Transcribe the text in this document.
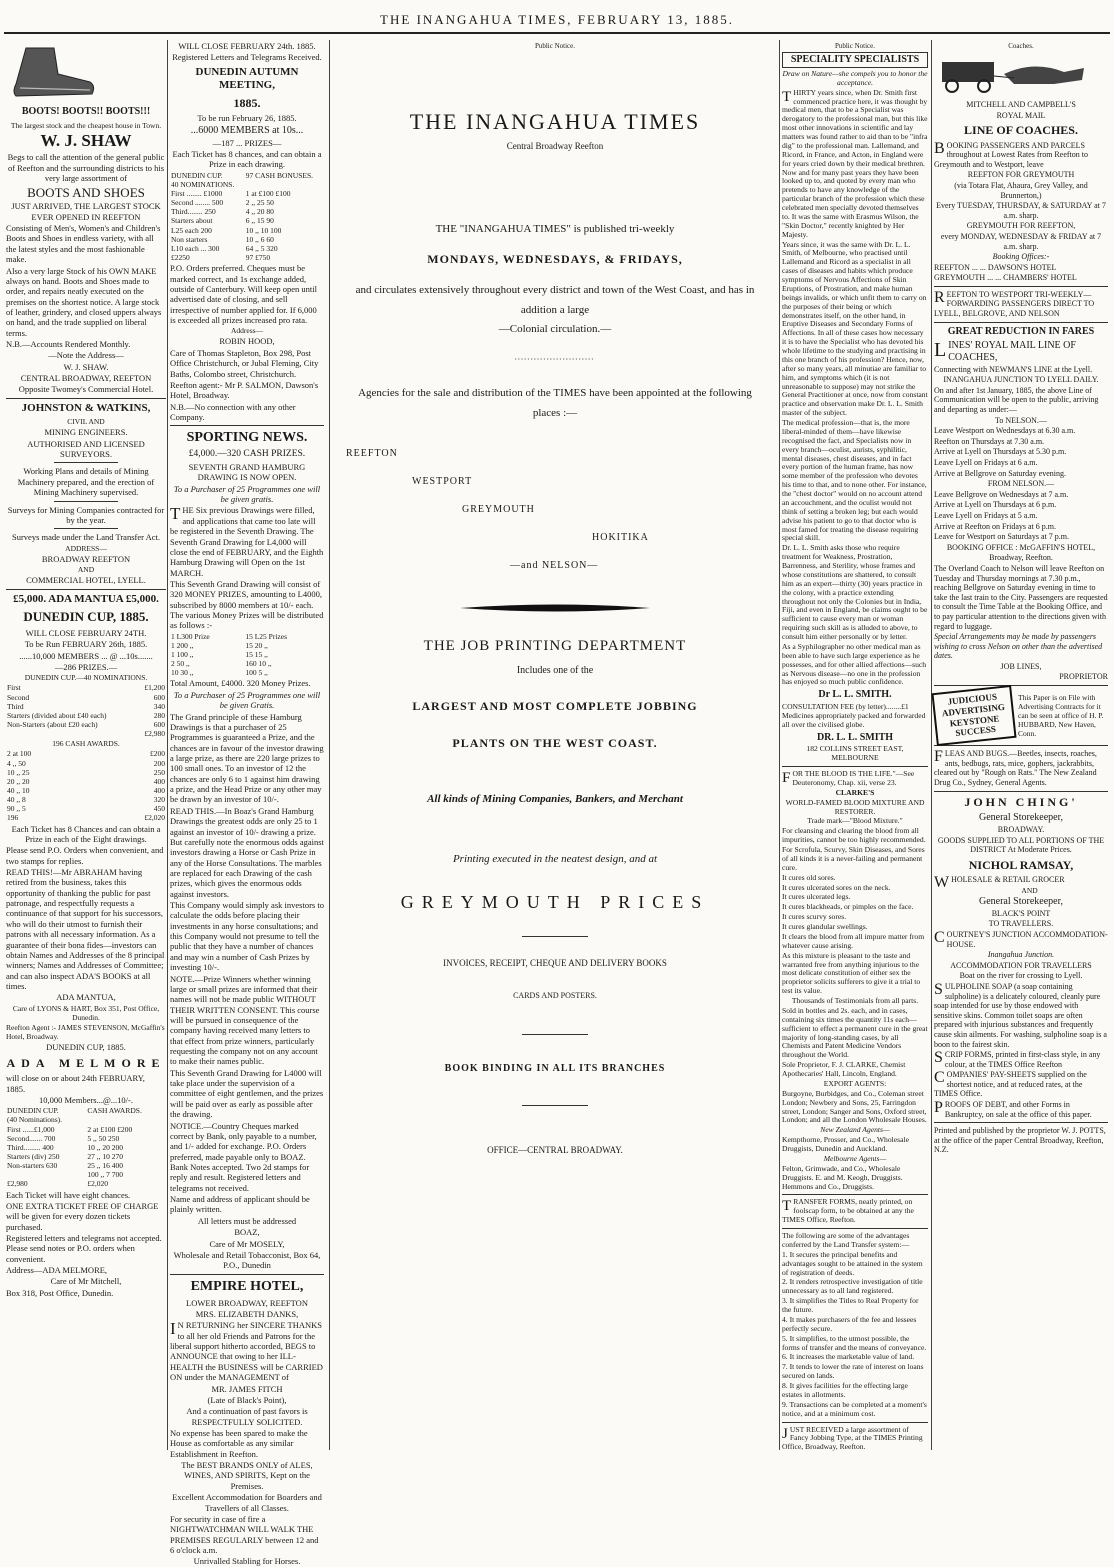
THE INANGAHUA TIMES, FEBRUARY 13, 1885.
BOOTS! BOOTS!! BOOTS!!!

The largest stock and the cheapest house in Town.

W. J. SHAW

Begs to call the attention of the general public of Reefton and the surrounding districts to his very large assortment of

BOOTS AND SHOES

JUST ARRIVED, THE LARGEST STOCK EVER OPENED IN REEFTON

Consisting of Men's, Women's and Children's Boots and Shoes in endless variety, with all the latest styles and the most fashionable make.

Also a very large Stock of his OWN MAKE always on hand. Boots and Shoes made to order, and repairs neatly executed on the premises on the shortest notice. A large stock of leather, grindery, and closed uppers always on hand, and the trade supplied on liberal terms.

N.B.—Accounts Rendered Monthly.

—Note the Address—

W. J. SHAW.

CENTRAL BROADWAY, REEFTON

Opposite Twomey's Commercial Hotel.

JOHNSTON & WATKINS,

CIVIL AND

MINING ENGINEERS.

AUTHORISED AND LICENSED SURVEYORS.

Working Plans and details of Mining Machinery prepared, and the erection of Mining Machinery supervised.

Surveys for Mining Companies contracted for by the year.

Surveys made under the Land Transfer Act.

ADDRESS—

BROADWAY REEFTON

AND

COMMERCIAL HOTEL, LYELL.

£5,000. ADA MANTUA £5,000.
DUNEDIN CUP, 1885.

WILL CLOSE FEBRUARY 24TH.

To be Run FEBRUARY 26th, 1885.

......10,000 MEMBERS ... @ ...10s.......

—286 PRIZES.—

DUNEDIN CUP.—40 NOMINATIONS.

First	£1,200
Second	600
Third	340
Starters (divided about £40 each)	280
Non-Starters (about £20 each)	600
	£2,980

196 CASH AWARDS.

2 at 100	£200
4 ,, 50	200
10 ,, 25	250
20 ,, 20	400
40 ,, 10	400
40 ,, 8	320
90 ,, 5	450
196	£2,020

Each Ticket has 8 Chances and can obtain a Prize in each of the Eight drawings.

Please send P.O. Orders when convenient, and two stamps for replies.

READ THIS!—Mr ABRAHAM having retired from the business, takes this opportunity of thanking the public for past patronage, and respectfully requests a continuance of that support for his successors, who will do their utmost to furnish their patrons with all necessary information. As a guarantee of their bona fides—investors can obtain Names and Addresses of the 8 principal winners; Names and Addresses of Committee; and can also inspect ADA'S BOOKS at all times.

ADA MANTUA,

Care of LYONS & HART, Box 351, Post Office, Dunedin.

Reefton Agent :- JAMES STEVENSON, McGaffin's Hotel, Broadway.

DUNEDIN CUP, 1885.

ADA MELMORE

will close on or about 24th FEBRUARY, 1885.

10,000 Members...@...10/-.

DUNEDIN CUP.	CASH AWARDS.
(40 Nominations).	
First ......£1,000	2 at £100 £200
Second....... 700	5 ,, 50 250
Third......... 400	10 ,, 20 200
Starters (div) 250	27 ,, 10 270
Non-starters 630	25 ,, 16 400
	100 ,, 7 700
£2,980	£2,020

Each Ticket will have eight chances.

ONE EXTRA TICKET FREE OF CHARGE will be given for every dozen tickets purchased.

Registered letters and telegrams not accepted. Please send notes or P.O. orders when convenient.

Address—ADA MELMORE,

Care of Mr Mitchell,

Box 318, Post Office, Dunedin.

WILL CLOSE FEBRUARY 24th. 1885.

Registered Letters and Telegrams Received.

DUNEDIN AUTUMN MEETING,
1885.

To be run February 26, 1885.

...6000 MEMBERS at 10s...

—187 ... PRIZES—

Each Ticket has 8 chances, and can obtain a Prize in each drawing.

DUNEDIN CUP.	97 CASH BONUSES.
40 NOMINATIONS.	
First ........ £1000	1 at £100 £100
Second ........ 500	2 ,, 25 50
Third........ 250	4 ,, 20 80
Starters about	6 ,, 15 90
L25 each 200	10 ,, 10 100
Non starters	10 ,, 6 60
L10 each ... 300	64 ,, 5 320
£2250	97 £750

P.O. Orders preferred. Cheques must be marked correct, and 1s exchange added, outside of Canterbury. Will keep open until advertised date of closing, and sell irrespective of number applied for. If 6,000 is exceeded all prizes increased pro rata.

Address—

ROBIN HOOD,

Care of Thomas Stapleton, Box 298, Post Office Christchurch, or Jubal Fleming, City Baths, Colombo street, Christchurch.

Reefton agent:- Mr P. SALMON, Dawson's Hotel, Broadway.

N.B.—No connection with any other Company.

SPORTING NEWS.

£4,000.—320 CASH PRIZES.

SEVENTH GRAND HAMBURG DRAWING IS NOW OPEN.

To a Purchaser of 25 Programmes one will be given gratis.

THE Six previous Drawings were filled, and applications that came too late will be registered in the Seventh Drawing. The Seventh Grand Drawing for L4,000 will close the end of FEBRUARY, and the Eighth Hamburg Drawing will Open on the 1st MARCH.

This Seventh Grand Drawing will consist of 320 MONEY PRIZES, amounting to L4000, subscribed by 8000 members at 10/- each. The various Money Prizes will be distributed as follows :-

1 L300 Prize	15 L25 Prizes
1 200 ,,	15 20 ,,
1 100 ,,	15 15 ,,
2 50 ,,	160 10 ,,
10 30 ,,	100 5 ,,

Total Amount, £4000. 320 Money Prizes.

To a Purchaser of 25 Programmes one will be given Gratis.

The Grand principle of these Hamburg Drawings is that a purchaser of 25 Programmes is guaranteed a Prize, and the chances are in favour of the investor drawing a large prize, as there are 220 large prizes to 100 small ones. To an investor of 12 the chances are only 6 to 1 against him drawing a prize, and the Head Prize or any other may be drawn by an investor of 10/-.

READ THIS.—In Boaz's Grand Hamburg Drawings the greatest odds are only 25 to 1 against an investor of 10/- drawing a prize. But carefully note the enormous odds against investors drawing a Horse or Cash Prize in any of the Horse Consultations. The marbles are replaced for each Drawing of the cash prizes, which gives the enormous odds against investors.

This Company would simply ask investors to calculate the odds before placing their investments in any horse consultations; and this Company would not presume to tell the public that they have a number of chances and may win a number of Cash Prizes by investing 10/-.

NOTE.—Prize Winners whether winning large or small prizes are informed that their names will not be made public WITHOUT THEIR WRITTEN CONSENT. This course will be pursued in consequence of the company having received many letters to that effect from prize winners, particularly requesting the company not on any account to make their names public.

This Seventh Grand Drawing for L4000 will take place under the supervision of a committee of eight gentlemen, and the prizes will be paid over as early as possible after the drawing.

NOTICE.—Country Cheques marked correct by Bank, only payable to a number, and 1/- added for exchange. P.O. Orders preferred, made payable only to BOAZ. Bank Notes accepted. Two 2d stamps for reply and result. Registered letters and telegrams not received.

Name and address of applicant should be plainly written.

All letters must be addressed

BOAZ,

Care of Mr MOSELY,

Wholesale and Retail Tobacconist, Box 64, P.O., Dunedin

EMPIRE HOTEL,

LOWER BROADWAY, REEFTON

MRS. ELIZABETH DANKS,

IN RETURNING her SINCERE THANKS to all her old Friends and Patrons for the liberal support hitherto accorded, BEGS to ANNOUNCE that owing to her ILL-HEALTH the BUSINESS will be CARRIED ON under the MANAGEMENT of

MR. JAMES FITCH

(Late of Black's Point),

And a continuation of past favors is RESPECTFULLY SOLICITED.

No expense has been spared to make the House as comfortable as any similar Establishment in Reefton.

The BEST BRANDS ONLY of ALES, WINES, AND SPIRITS, Kept on the Premises.

Excellent Accommodation for Boarders and Travellers of all Classes.

For security in case of fire a NIGHTWATCHMAN WILL WALK THE PREMISES REGULARLY between 12 and 6 o'clock a.m.

Unrivalled Stabling for Horses.

Public Notice.
THE INANGAHUA TIMES
Central Broadway Reefton
THE "INANGAHUA TIMES" is published tri-weekly
MONDAYS, WEDNESDAYS, & FRIDAYS,
and circulates extensively throughout every district and town of the West Coast, and has in addition a large
—Colonial circulation.—
Agencies for the sale and distribution of the TIMES have been appointed at the following places :—
REEFTON
WESTPORT
GREYMOUTH
HOKITIKA
—and NELSON—
THE JOB PRINTING DEPARTMENT
Includes one of the
LARGEST AND MOST COMPLETE JOBBING
PLANTS ON THE WEST COAST.
All kinds of Mining Companies, Bankers, and Merchant
Printing executed in the neatest design, and at
GREYMOUTH PRICES
INVOICES, RECEIPT, CHEQUE AND DELIVERY BOOKS
CARDS AND POSTERS.
BOOK BINDING IN ALL ITS BRANCHES
OFFICE—CENTRAL BROADWAY.
Public Notice.
SPECIALITY SPECIALISTS

Draw on Nature—she compels you to honor the acceptance.

THIRTY years since, when Dr. Smith first commenced practice here, it was thought by medical men, that to be a Specialist was derogatory to the professional man, but this like most other innovations in scientific and lay matters was found rather to aid than to be "infra dig" to the professional man. Lallemand, and Ricord, in France, and Acton, in England were for years cried down by their medical brethren. Now and for many past years they have been looked up to, and quoted by every man who pretends to have any knowledge of the particular branch of the profession which these celebrated men specially devoted themselves to. It was the same with Erasmus Wilson, the "Skin Doctor," recently knighted by Her Majesty.

Years since, it was the same with Dr. L. L. Smith, of Melbourne, who practised until Lallemand and Ricord as a specialist in all cases of diseases and habits which produce symptoms of Nervous Affections of Skin Eruptions, of Prostration, and make human beings invalids, or which unfit them to carry on the purposes of their being or which demonstrates itself, on the other hand, in Eruptive Diseases and Secondary Forms of Affections. In all of these cases how necessary it is to have the Specialist who has devoted his whole lifetime to the studying and practising in this one branch of his profession? Hence, now, after so many years, all minutiae are familiar to him, and symptoms which (it is not unreasonable to suppose) may not strike the General Practitioner at once, now from constant practice and observation make Dr. L. L. Smith master of the subject.

The medical profession—that is, the more liberal-minded of them—have likewise recognised the fact, and Specialists now in every branch—oculist, aurists, syphilitic, mental diseases, chest diseases, and in fact every portion of the human frame, has now some member of the profession who devotes his time to that, and to none other. For instance, the "chest doctor" would on no account attend an accouchment, and the oculist would not think of setting a broken leg; but each would advise his patient to go to that doctor who is most famed for treating the disease requiring special skill.

Dr. L. L. Smith asks those who require treatment for Weakness, Prostration, Barrenness, and Sterility, whose frames and whose constitutions are shattered, to consult him as an expert—thirty (30) years practice in the colony, with a practice extending throughout not only the Colonies but in India, Fiji, and even in England, be claims ought to be sufficient to cause every man or woman requiring such skill as is alluded to above, to consult him either personally or by letter.

As a Syphilographer no other medical man as been able to have such large experience as he possesses, and for other allied affections—such as Nervous disease—no one in the profession has enjoyed so much public confidence.

Dr L. L. SMITH.

CONSULTATION FEE (by letter)........£1 Medicines appropriately packed and forwarded all over the civilised globe.

DR. L. L. SMITH

182 COLLINS STREET EAST, MELBOURNE

FOR THE BLOOD IS THE LIFE."—See Deuteronomy, Chap. xii, verse 23.

CLARKE'S

WORLD-FAMED BLOOD MIXTURE AND RESTORER.

Trade mark—"Blood Mixture."

For cleansing and clearing the blood from all impurities, cannot be too highly recommended.

For Scrofula, Scurvy, Skin Diseases, and Sores of all kinds it is a never-failing and permanent cure.

It cures old sores.

It cures ulcerated sores on the neck.

It cures ulcerated legs.

It cures blackheads, or pimples on the face.

It cures scurvy sores.

It cures glandular swellings.

It clears the blood from all impure matter from whatever cause arising.

As this mixture is pleasant to the taste and warranted free from anything injurious to the most delicate constitution of either sex the proprietor solicits sufferers to give it a trial to test its value.

Thousands of Testimonials from all parts.

Sold in bottles and 2s. each, and in cases, containing six times the quantity 11s each—sufficient to effect a permanent cure in the great majority of long-standing cases, by all Chemists and Patent Medicine Vendors throughout the World.

Sole Proprietor, F. J. CLARKE, Chemist Apothecaries' Hall, Lincoln, England.

EXPORT AGENTS:

Burgoyne, Burbidges, and Co., Coleman street London; Newbery and Sons, 25, Farringdon street, London; Sanger and Sons, Oxford street, London; and all the London Wholesale Houses.

New Zealand Agents—

Kempthorne, Prosser, and Co., Wholesale Druggists, Dunedin and Auckland.

Melbourne Agents—

Felton, Grimwade, and Co., Wholesale Druggists. E. and M. Keogh, Druggists. Hemmons and Co., Druggists.

TRANSFER FORMS, neatly printed, on foolscap form, to be obtained at any the TIMES Office, Reefton.

The following are some of the advantages conferred by the Land Transfer system:—

1. It secures the principal benefits and advantages sought to be attained in the system of registration of deeds.

2. It renders retrospective investigation of title unnecessary as to all land registered.

3. It simplifies the Titles to Real Property for the future.

4. It makes purchasers of the fee and lessees perfectly secure.

5. It simplifies, to the utmost possible, the forms of transfer and the means of conveyance.

6. It increases the marketable value of land.

7. It tends to lower the rate of interest on loans secured on lands.

8. It gives facilities for the effecting large estates in allotments.

9. Transactions can be completed at a moment's notice, and at a minimum cost.

JUST RECEIVED a large assortment of Fancy Jobbing Type, at the TIMES Printing Office, Broadway, Reefton.

Coaches.

MITCHELL AND CAMPBELL'S

ROYAL MAIL

LINE OF COACHES.

BOOKING PASSENGERS AND PARCELS throughout at Lowest Rates from Reefton to Greymouth and to Westport, leave

REEFTON FOR GREYMOUTH

(via Totara Flat, Ahaura, Grey Valley, and Brunnerton,)

Every TUESDAY, THURSDAY, & SATURDAY at 7 a.m. sharp.

GREYMOUTH FOR REEFTON,

every MONDAY, WEDNESDAY & FRIDAY at 7 a.m. sharp.

Booking Offices:-

REEFTON ... ... DAWSON'S HOTEL

GREYMOUTH ... ... CHAMBERS' HOTEL

REEFTON TO WESTPORT TRI-WEEKLY—FORWARDING PASSENGERS DIRECT TO LYELL, BELGROVE, AND NELSON

GREAT REDUCTION IN FARES

LINES' ROYAL MAIL LINE OF COACHES,

Connecting with NEWMAN'S LINE at the Lyell.

INANGAHUA JUNCTION TO LYELL DAILY.

On and after 1st January, 1885, the above Line of Communication will be open to the public, arriving and departing as under:—

To NELSON.—

Leave Westport on Wednesdays at 6.30 a.m.

Reefton on Thursdays at 7.30 a.m.

Arrive at Lyell on Thursdays at 5.30 p.m.

Leave Lyell on Fridays at 6 a.m.

Arrive at Bellgrove on Saturday evening.

FROM NELSON.—

Leave Bellgrove on Wednesdays at 7 a.m.

Arrive at Lyell on Thursdays at 6 p.m.

Leave Lyell on Fridays at 5 a.m.

Arrive at Reefton on Fridays at 6 p.m.

Leave for Westport on Saturdays at 7 p.m.

BOOKING OFFICE : McGAFFIN'S HOTEL,

Broadway, Reefton.

The Overland Coach to Nelson will leave Reefton on Tuesday and Thursday mornings at 7.30 p.m., reaching Bellgrove on Saturday evening in time to take the last train to the City. Passengers are requested to consult the Time Table at the Booking Office, and to pay particular attention to the directions given with regard to luggage.

Special Arrangements may be made by passengers wishing to cross Nelson on other than the advertised dates.

JOB LINES,

PROPRIETOR

JUDICIOUS ADVERTISING KEYSTONE SUCCESS

This Paper is on File with Advertising Contracts for it can be seen at office of H. P. HUBBARD, New Haven, Conn.

FLEAS AND BUGS.—Beetles, insects, roaches, ants, bedbugs, rats, mice, gophers, jackrabbits, cleared out by "Rough on Rats." The New Zealand Drug Co., Sydney, General Agents.

JOHN CHING'

General Storekeeper,

BROADWAY.

GOODS SUPPLIED TO ALL PORTIONS OF THE DISTRICT At Moderate Prices.

NICHOL RAMSAY,

WHOLESALE & RETAIL GROCER

AND

General Storekeeper,

BLACK'S POINT

TO TRAVELLERS.

COURTNEY'S JUNCTION ACCOMMODATION-HOUSE.

Inangahua Junction.

ACCOMMODATION FOR TRAVELLERS

Boat on the river for crossing to Lyell.

SULPHOLINE SOAP (a soap containing sulpholine) is a delicately coloured, cleanly pure soap intended for use by those endowed with sensitive skins. Common toilet soaps are often prepared with injurious substances and frequently cause skin ailments. For washing, sulpholine soap is a boon to the fairest skin.

SCRIP FORMS, printed in first-class style, in any colour, at the TIMES Office Reefton

COMPANIES' PAY-SHEETS supplied on the shortest notice, and at reduced rates, at the TIMES Office.

PROOFS OF DEBT, and other Forms in Bankruptcy, on sale at the office of this paper.

Printed and published by the proprietor W. J. POTTS, at the office of the paper Central Broadway, Reefton, N.Z.
